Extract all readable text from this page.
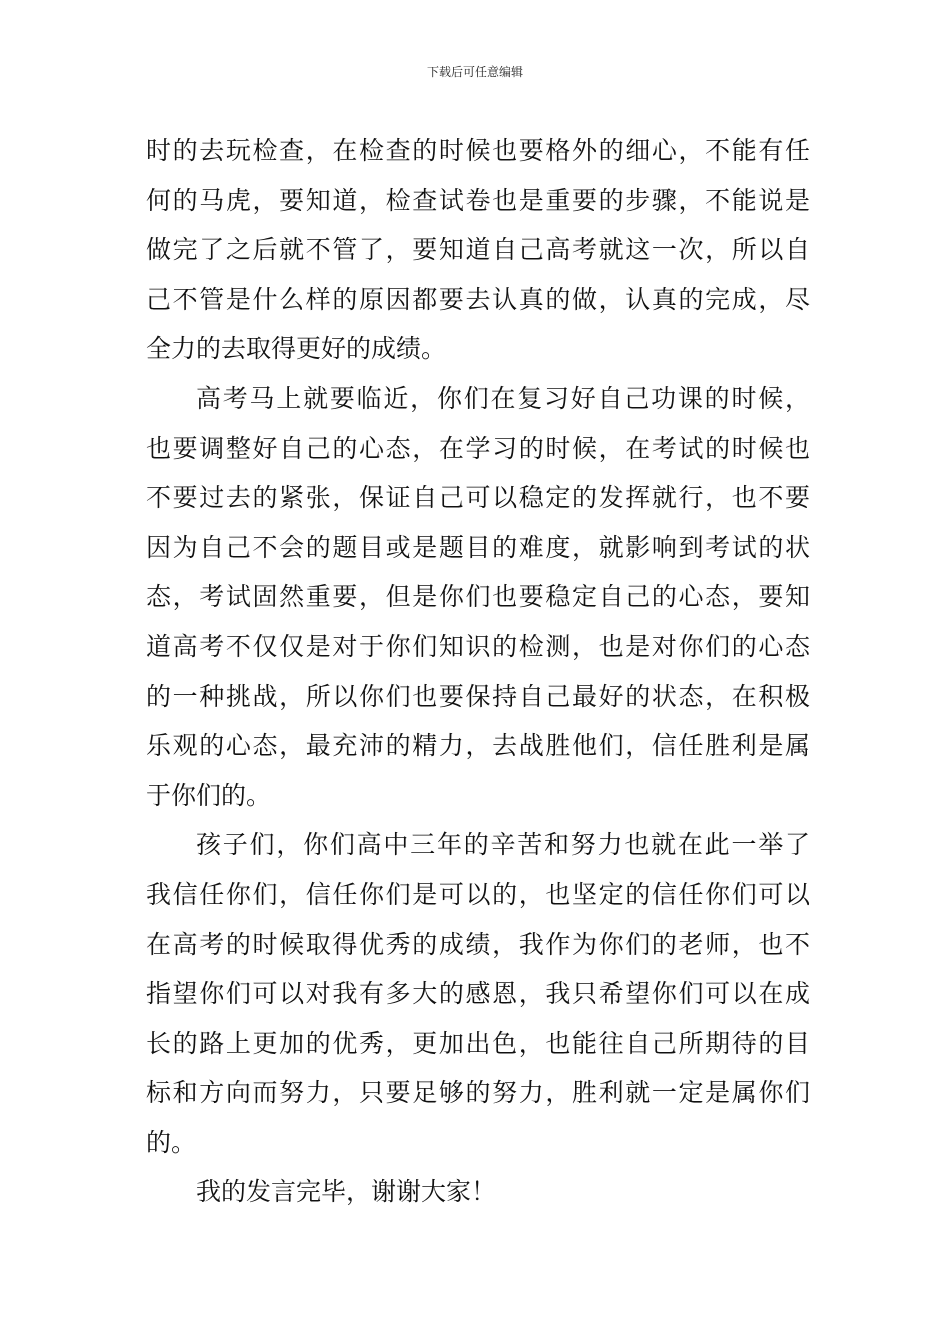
下载后可任意编辑
时的去玩检查，在检查的时候也要格外的细心，不能有任
何的马虎，要知道，检查试卷也是重要的步骤，不能说是
做完了之后就不管了，要知道自己高考就这一次，所以自
己不管是什么样的原因都要去认真的做，认真的完成，尽
全力的去取得更好的成绩。
高考马上就要临近，你们在复习好自己功课的时候，
也要调整好自己的心态，在学习的时候，在考试的时候也
不要过去的紧张，保证自己可以稳定的发挥就行，也不要
因为自己不会的题目或是题目的难度，就影响到考试的状
态，考试固然重要，但是你们也要稳定自己的心态，要知
道高考不仅仅是对于你们知识的检测，也是对你们的心态
的一种挑战，所以你们也要保持自己最好的状态，在积极
乐观的心态，最充沛的精力，去战胜他们，信任胜利是属
于你们的。
孩子们，你们高中三年的辛苦和努力也就在此一举了
我信任你们，信任你们是可以的，也坚定的信任你们可以
在高考的时候取得优秀的成绩，我作为你们的老师，也不
指望你们可以对我有多大的感恩，我只希望你们可以在成
长的路上更加的优秀，更加出色，也能往自己所期待的目
标和方向而努力，只要足够的努力，胜利就一定是属你们
的。
我的发言完毕，谢谢大家！
